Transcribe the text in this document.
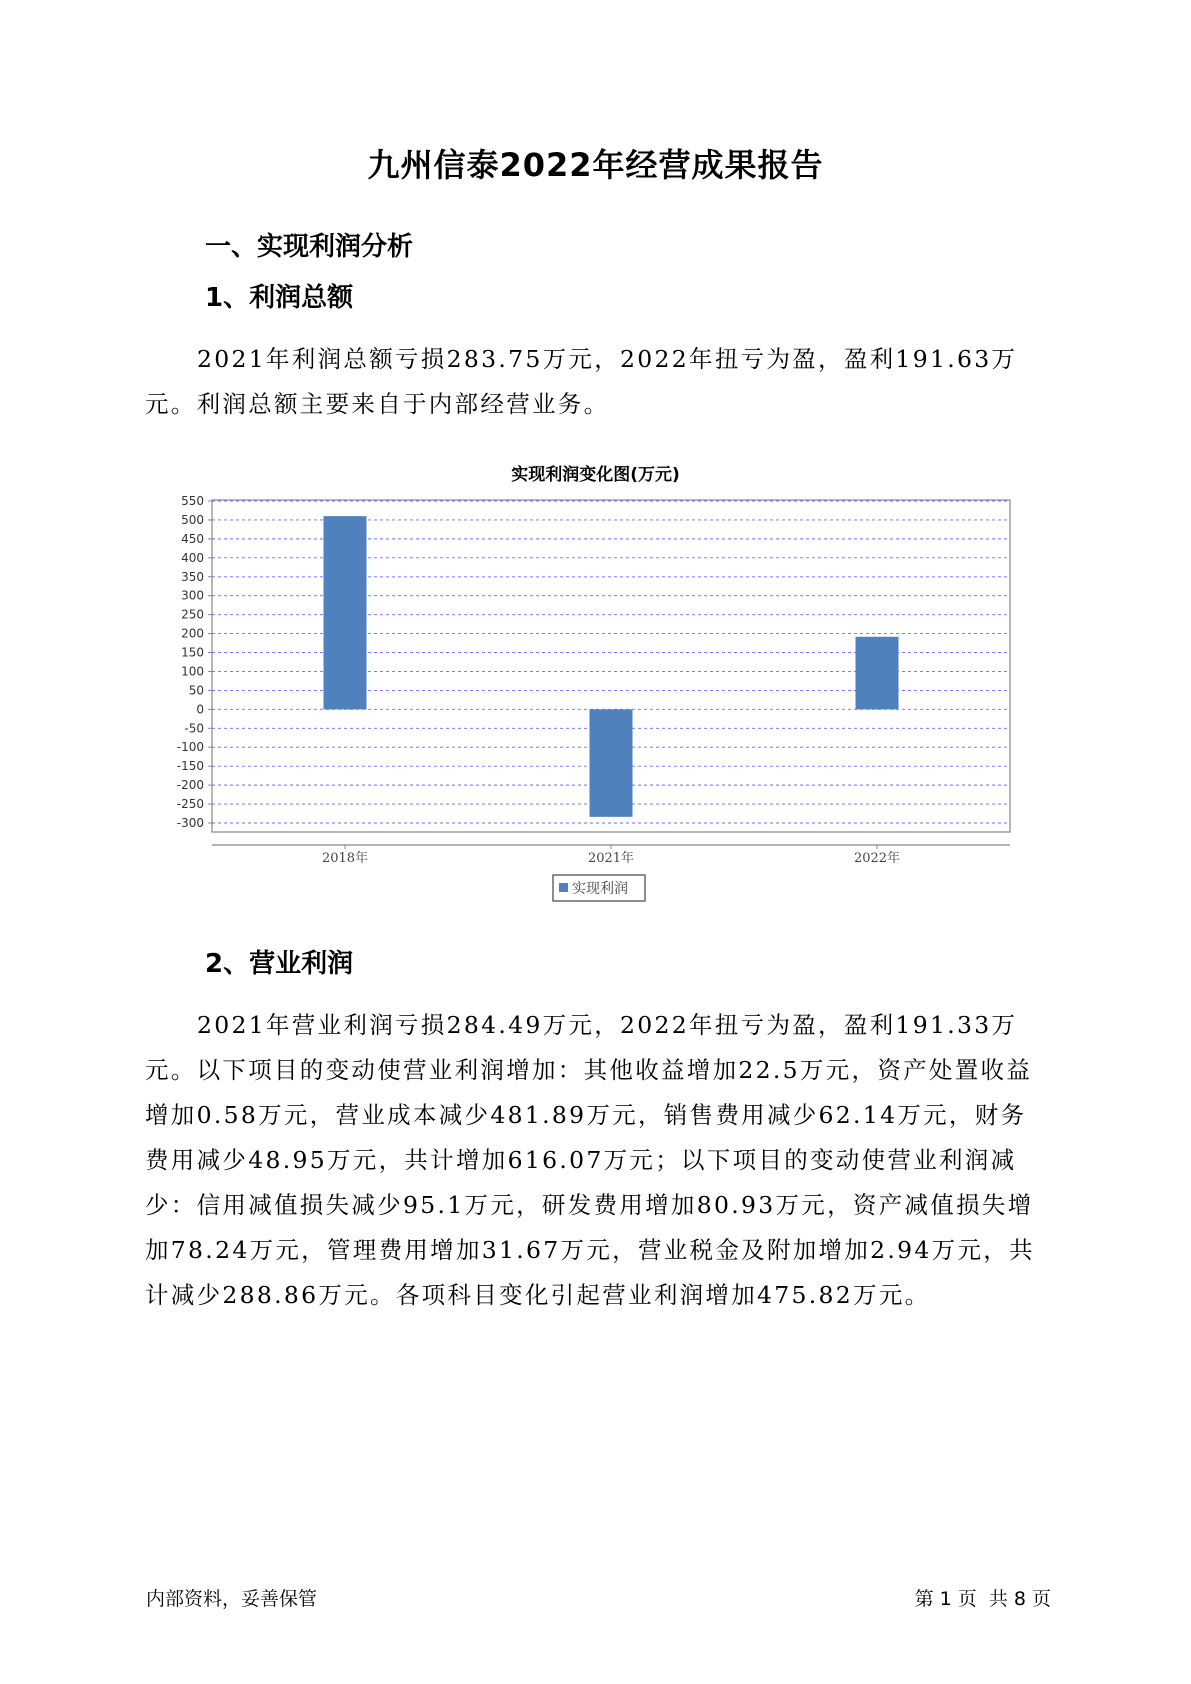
九州信泰2022年经营成果报告
一、实现利润分析
1、利润总额
2021年利润总额亏损283.75万元，2022年扭亏为盈，盈利191.63万元。利润总额主要来自于内部经营业务。
实现利润变化图(万元)
550
500
450
400
350
300
250
200
150
100
50
0
-50
-100
-150
-200
-250
-300
2018年	2021年	2022年
实现利润
2、营业利润
2021年营业利润亏损284.49万元，2022年扭亏为盈，盈利191.33万元。以下项目的变动使营业利润增加：其他收益增加22.5万元，资产处置收益增加0.58万元，营业成本减少481.89万元，销售费用减少62.14万元，财务费用减少48.95万元，共计增加616.07万元；以下项目的变动使营业利润减少：信用减值损失减少95.1万元，研发费用增加80.93万元，资产减值损失增加78.24万元，管理费用增加31.67万元，营业税金及附加增加2.94万元，共计减少288.86万元。各项科目变化引起营业利润增加475.82万元。
内部资料，妥善保管	第 1 页  共 8 页
